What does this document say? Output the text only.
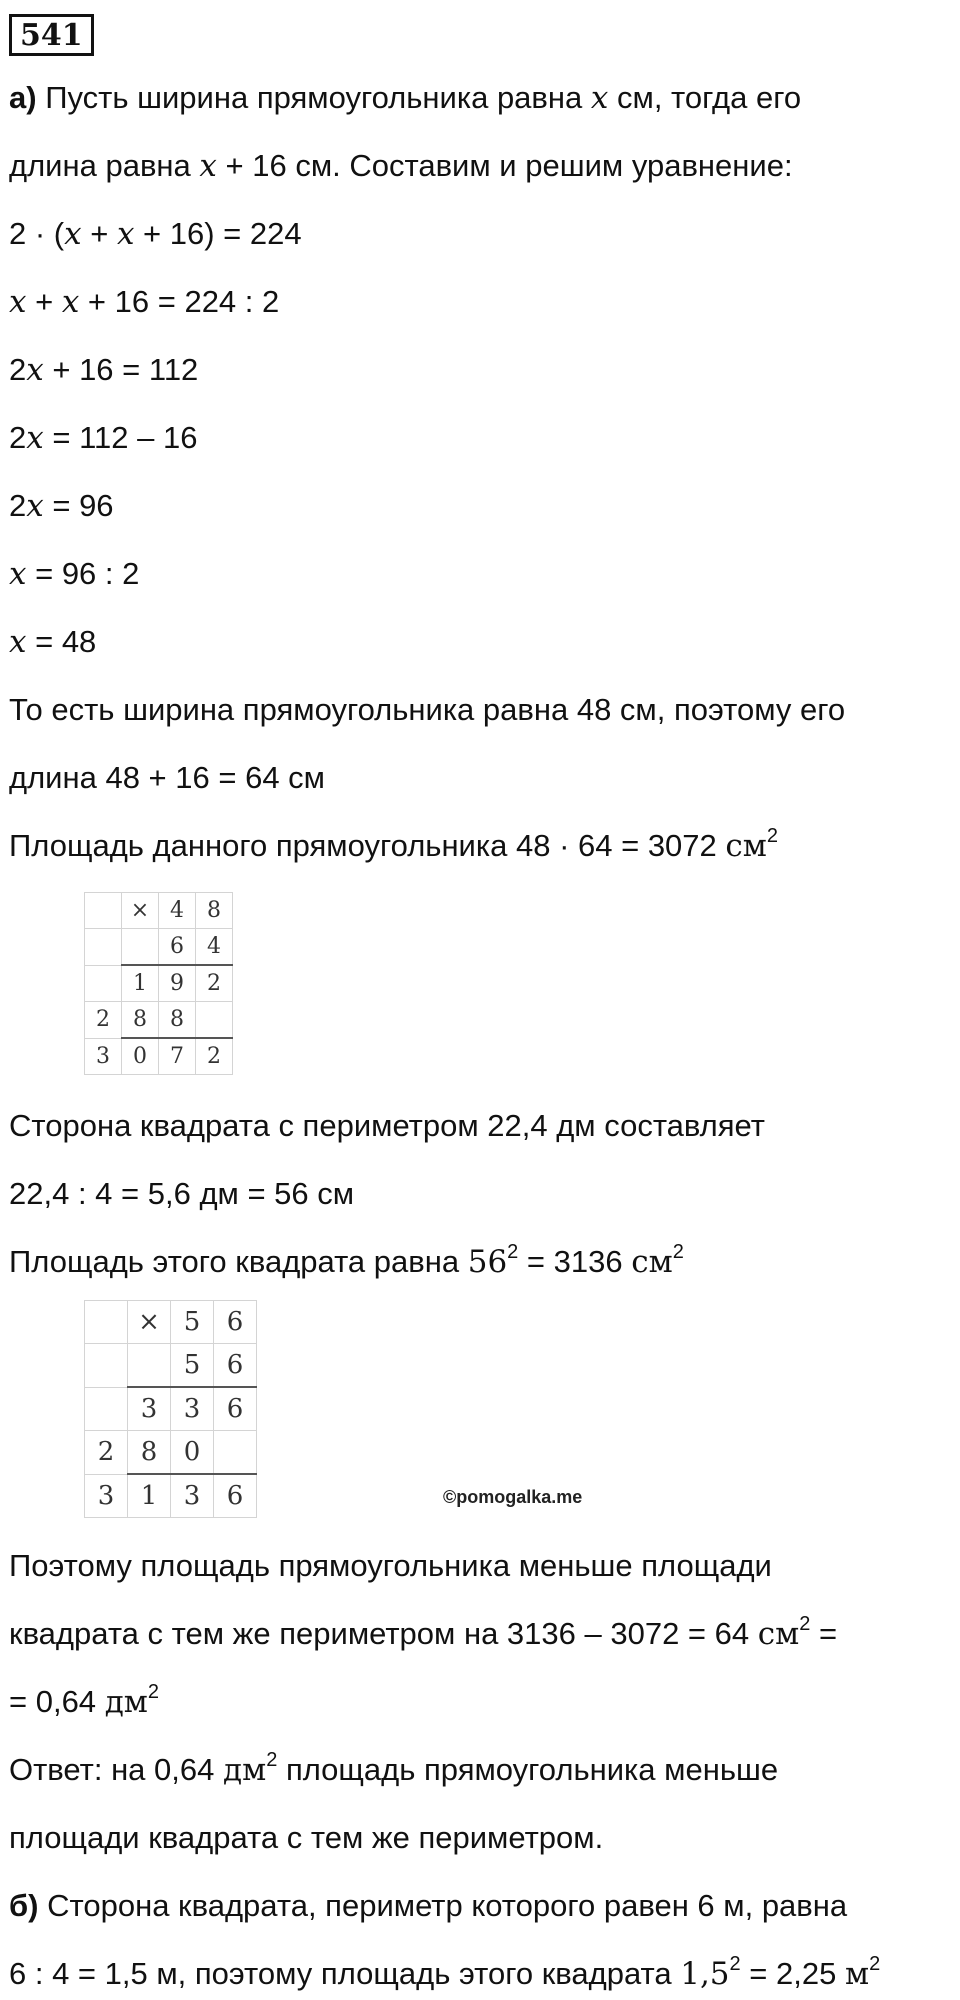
541
а) Пусть ширина прямоугольника равна x см, тогда его
длина равна x + 16 см. Составим и решим уравнение:
2 · (x + x + 16) = 224
x + x + 16 = 224 : 2
2x + 16 = 112
2x = 112 – 16
2x = 96
x = 96 : 2
x = 48
То есть ширина прямоугольника равна 48 см, поэтому его
длина 48 + 16 = 64 см
Площадь данного прямоугольника 48 · 64 = 3072 $см^2$
	×	4	8
		6	4
	1	9	2
2	8	8	
3	0	7	2
Сторона квадрата с периметром 22,4 дм составляет
22,4 : 4 = 5,6 дм = 56 см
Площадь этого квадрата равна $56^2 = 3136$ $см^2$
	×	5	6
		5	6
	3	3	6
2	8	0	
3	1	3	6	©pomogalka.me
Поэтому площадь прямоугольника меньше площади
квадрата с тем же периметром на 3136 – 3072 = 64 $см^2$ =
= 0,64 $дм^2$
Ответ: на 0,64 $дм^2$ площадь прямоугольника меньше
площади квадрата с тем же периметром.
б) Сторона квадрата, периметр которого равен 6 м, равна
6 : 4 = 1,5 м, поэтому площадь этого квадрата $1,5^2 = 2,25$ $м^2$
